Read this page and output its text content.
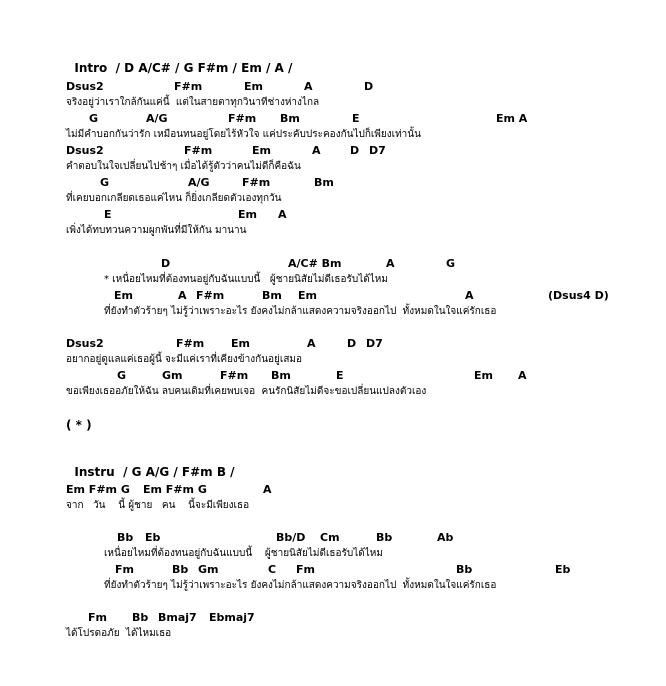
Intro / D A/C# / G F#m / Em / A /

Dsus2

	F#m

	Em

	A

	D

จริงอยู่ว่าเราใกล้กันแค่นี้  แต่ในสายตาทุกวินาทีช่างห่างไกล

G

	A/G

	F#m

Bm

	E

	Em A

ไม่มีคำบอกกันว่ารัก เหมือนทนอยู่โดยไร้หัวใจ แค่ประคับประคองกันไปก็เพียงเท่านั้น

Dsus2

	F#m

	Em

	A

	D

D7

คำตอบในใจเปลี่ยนไปช้าๆ เมื่อได้รู้ตัวว่าคนไม่ดีก็คือฉัน

G

	A/G

	F#m

	Bm

ที่เคยบอกเกลียดเธอแค่ไหน ก็ยิ่งเกลียดตัวเองทุกวัน

E

	Em

A

เพิ่งได้ทบทวนความผูกพันที่มีให้กัน มานาน

D

	A/C# Bm

	A

	G

* เหนื่อยไหมที่ต้องทนอยู่กับฉันแบบนี้   ผู้ชายนิสัยไม่ดีเธอรับได้ไหม

Em

	A

F#m

	Bm

Em

	A

	(Dsus4 D)

ที่ยังทำตัวร้ายๆ ไม่รู้ว่าเพราะอะไร ยังคงไม่กล้าแสดงความจริงออกไป  ทั้งหมดในใจแค่รักเธอ

Dsus2

	F#m

Em

	A

	D

D7

อยากอยู่ดูแลแค่เธอผู้นี้ จะมีแค่เราที่เคียงข้างกันอยู่เสมอ

G

	Gm

	F#m

Bm

	E

	Em

A

ขอเพียงเธออภัยให้ฉัน ลบคนเดิมที่เคยพบเจอ  คนรักนิสัยไม่ดีจะขอเปลี่ยนแปลงตัวเอง
( * )

Instru / G A/G / F#m B /

Em F#m G

Em F#m G

	A

จาก   วัน    นี้ ผู้ชาย   คน    นี้จะมีเพียงเธอ

Bb

Eb

	Bb/D

Cm

	Bb

	Ab

เหนื่อยไหมที่ต้องทนอยู่กับฉันแบบนี้    ผู้ชายนิสัยไม่ดีเธอรับได้ไหม

Fm

	Bb

Gm

	C

Fm

	Bb

	Eb

ที่ยังทำตัวร้ายๆ ไม่รู้ว่าเพราะอะไร ยังคงไม่กล้าแสดงความจริงออกไป  ทั้งหมดในใจแค่รักเธอ

Fm

Bb

Bmaj7

Ebmaj7

ได้โปรดอภัย  ได้ไหมเธอ
